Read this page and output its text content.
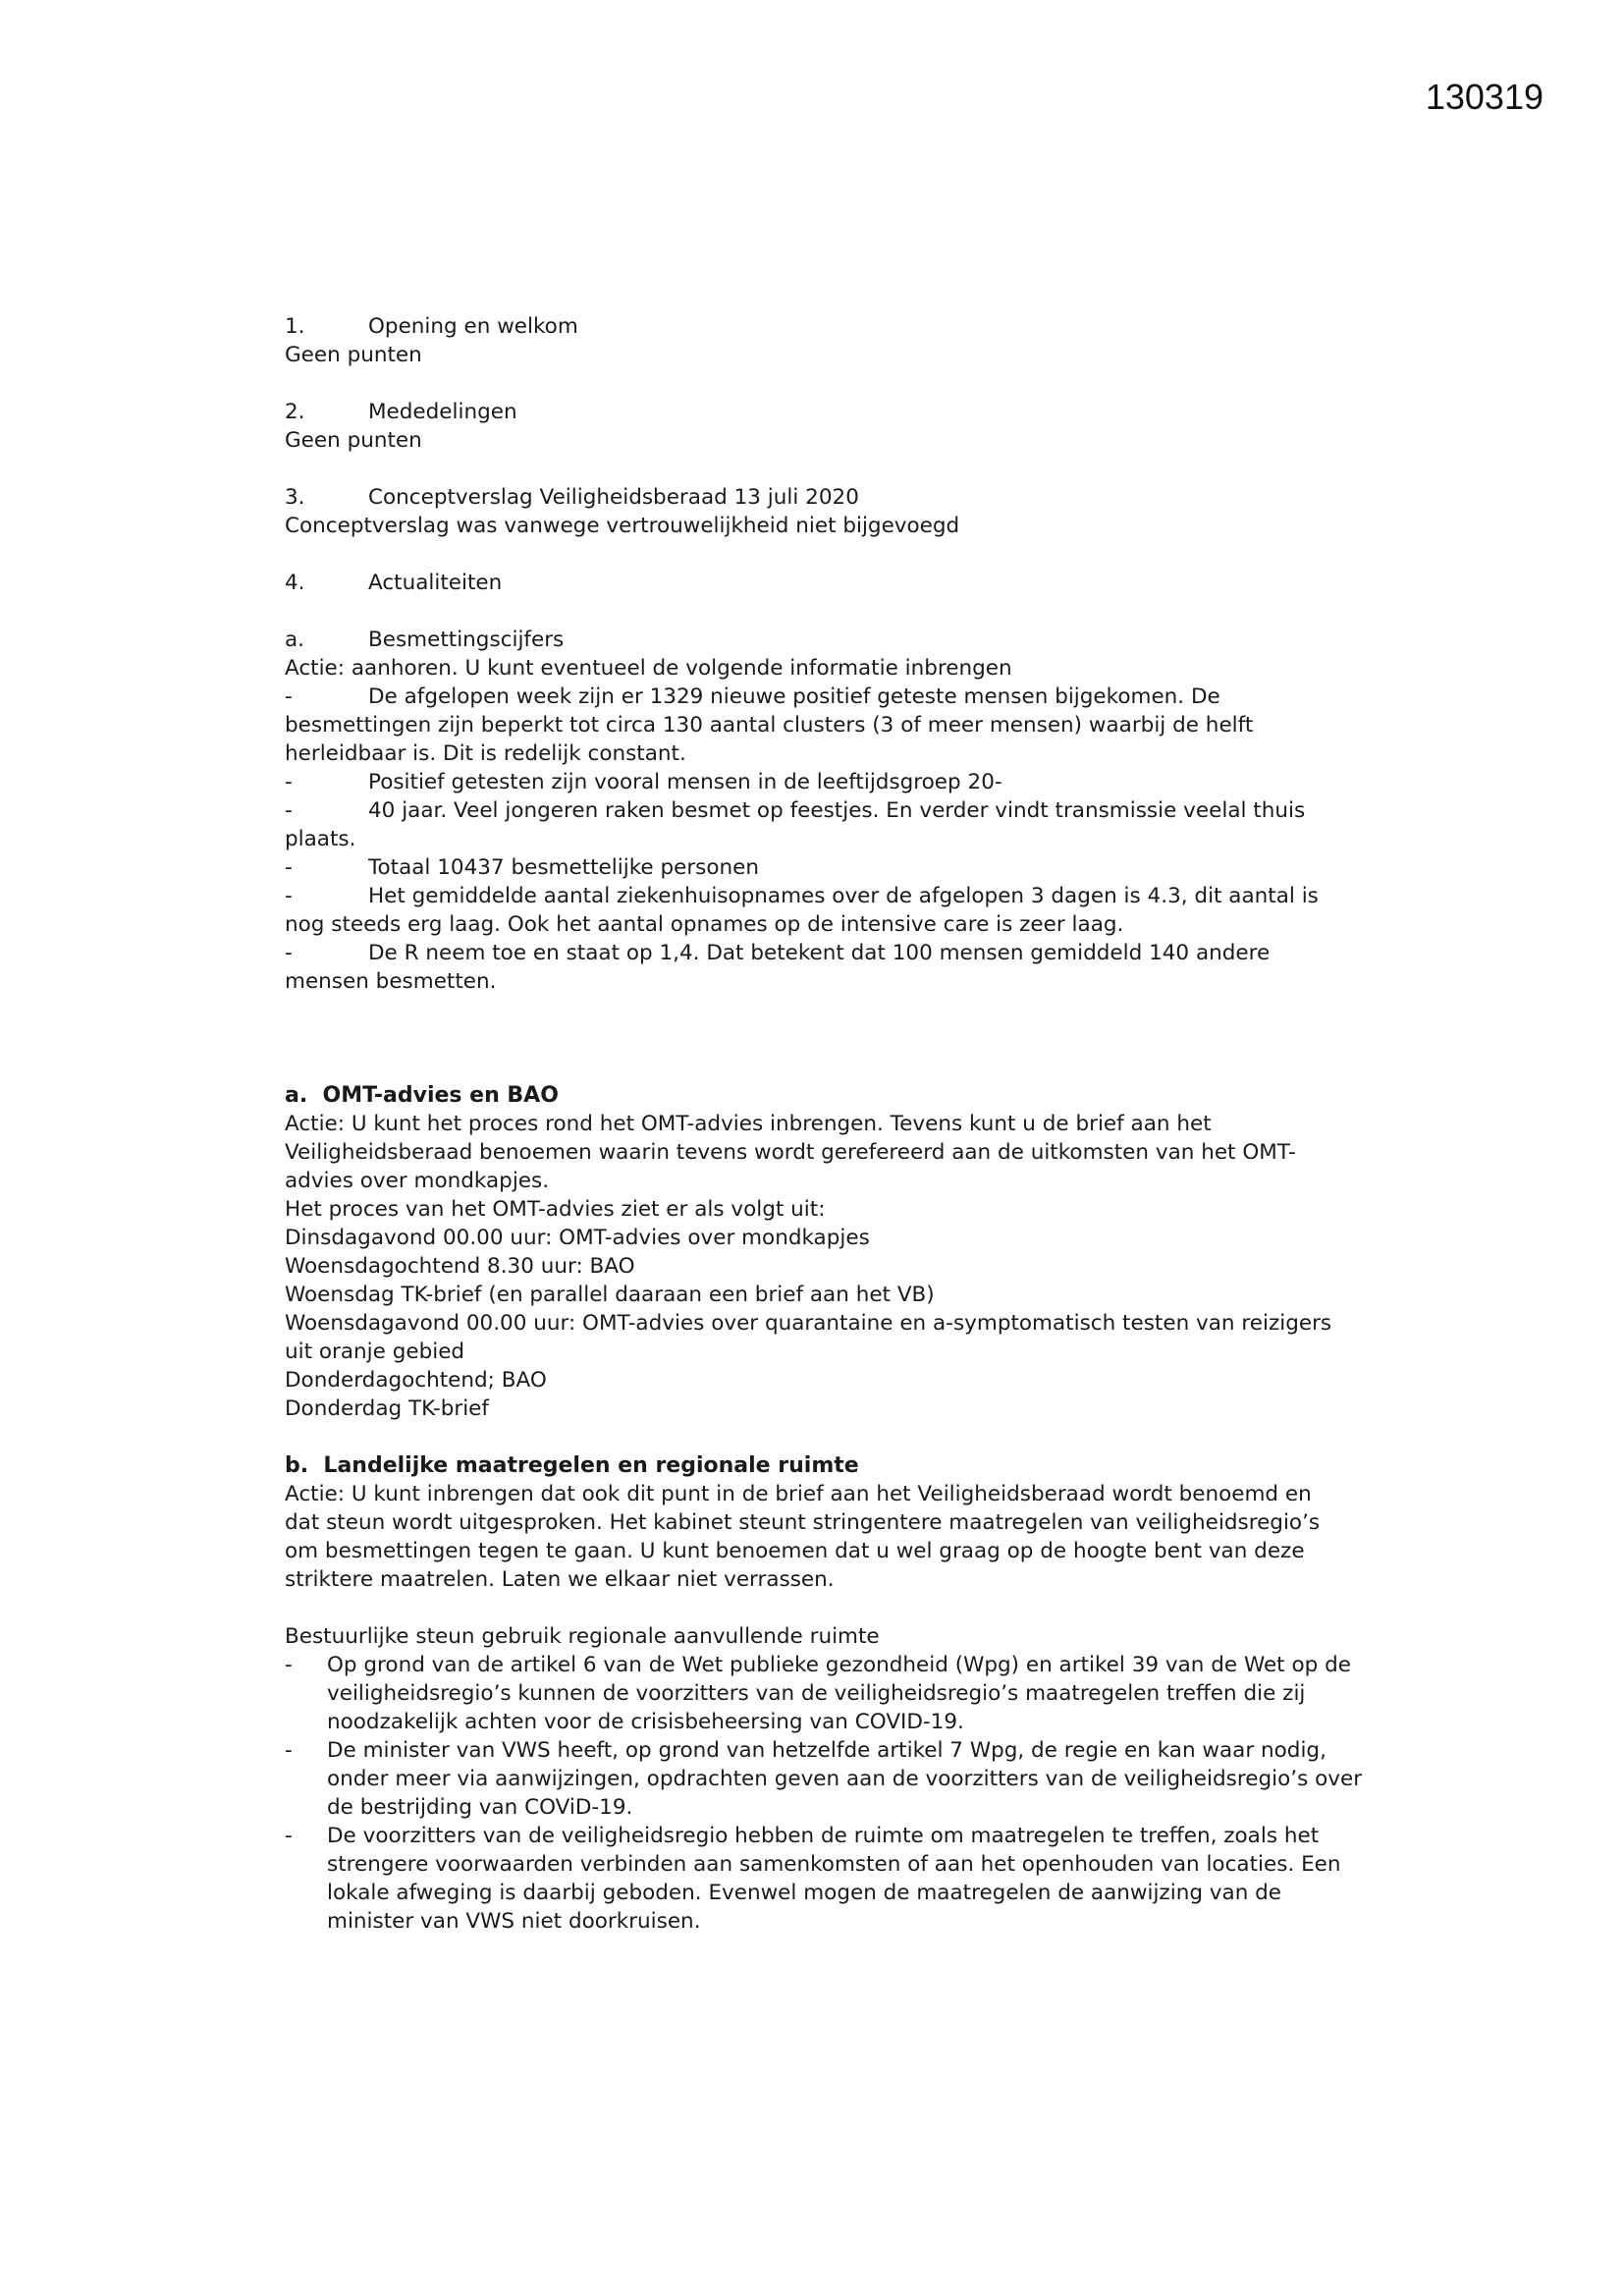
130319
1.	Opening en welkom
Geen punten
2.	Mededelingen
Geen punten
3.	Conceptverslag Veiligheidsberaad 13 juli 2020
Conceptverslag was vanwege vertrouwelijkheid niet bijgevoegd
4.	Actualiteiten
a.	Besmettingscijfers
Actie: aanhoren. U kunt eventueel de volgende informatie inbrengen
-	De afgelopen week zijn er 1329 nieuwe positief geteste mensen bijgekomen. De
besmettingen zijn beperkt tot circa 130 aantal clusters (3 of meer mensen) waarbij de helft herleidbaar is. Dit is redelijk constant.
-	Positief getesten zijn vooral mensen in de leeftijdsgroep 20-
-	40 jaar. Veel jongeren raken besmet op feestjes. En verder vindt transmissie veelal thuis
plaats.
-	Totaal 10437 besmettelijke personen
-	Het gemiddelde aantal ziekenhuisopnames over de afgelopen 3 dagen is 4.3, dit aantal is
nog steeds erg laag. Ook het aantal opnames op de intensive care is zeer laag.
-	De R neem toe en staat op 1,4. Dat betekent dat 100 mensen gemiddeld 140 andere
mensen besmetten.
a.  OMT-advies en BAO
Actie: U kunt het proces rond het OMT-advies inbrengen. Tevens kunt u de brief aan het
Veiligheidsberaad benoemen waarin tevens wordt gerefereerd aan de uitkomsten van het OMT-
advies over mondkapjes.
Het proces van het OMT-advies ziet er als volgt uit:
Dinsdagavond 00.00 uur: OMT-advies over mondkapjes
Woensdagochtend 8.30 uur: BAO
Woensdag TK-brief (en parallel daaraan een brief aan het VB)
Woensdagavond 00.00 uur: OMT-advies over quarantaine en a-symptomatisch testen van reizigers
uit oranje gebied
Donderdagochtend; BAO
Donderdag TK-brief
b.  Landelijke maatregelen en regionale ruimte
Actie: U kunt inbrengen dat ook dit punt in de brief aan het Veiligheidsberaad wordt benoemd en
dat steun wordt uitgesproken. Het kabinet steunt stringentere maatregelen van veiligheidsregio’s
om besmettingen tegen te gaan. U kunt benoemen dat u wel graag op de hoogte bent van deze
striktere maatrelen. Laten we elkaar niet verrassen.
Bestuurlijke steun gebruik regionale aanvullende ruimte
-	Op grond van de artikel 6 van de Wet publieke gezondheid (Wpg) en artikel 39 van de Wet op de veiligheidsregio’s kunnen de voorzitters van de veiligheidsregio’s maatregelen treffen die zij noodzakelijk achten voor de crisisbeheersing van COVID-19.
-	De minister van VWS heeft, op grond van hetzelfde artikel 7 Wpg, de regie en kan waar nodig, onder meer via aanwijzingen, opdrachten geven aan de voorzitters van de veiligheidsregio’s over de bestrijding van COViD-19.
-	De voorzitters van de veiligheidsregio hebben de ruimte om maatregelen te treffen, zoals het strengere voorwaarden verbinden aan samenkomsten of aan het openhouden van locaties. Een lokale afweging is daarbij geboden. Evenwel mogen de maatregelen de aanwijzing van de minister van VWS niet doorkruisen.
